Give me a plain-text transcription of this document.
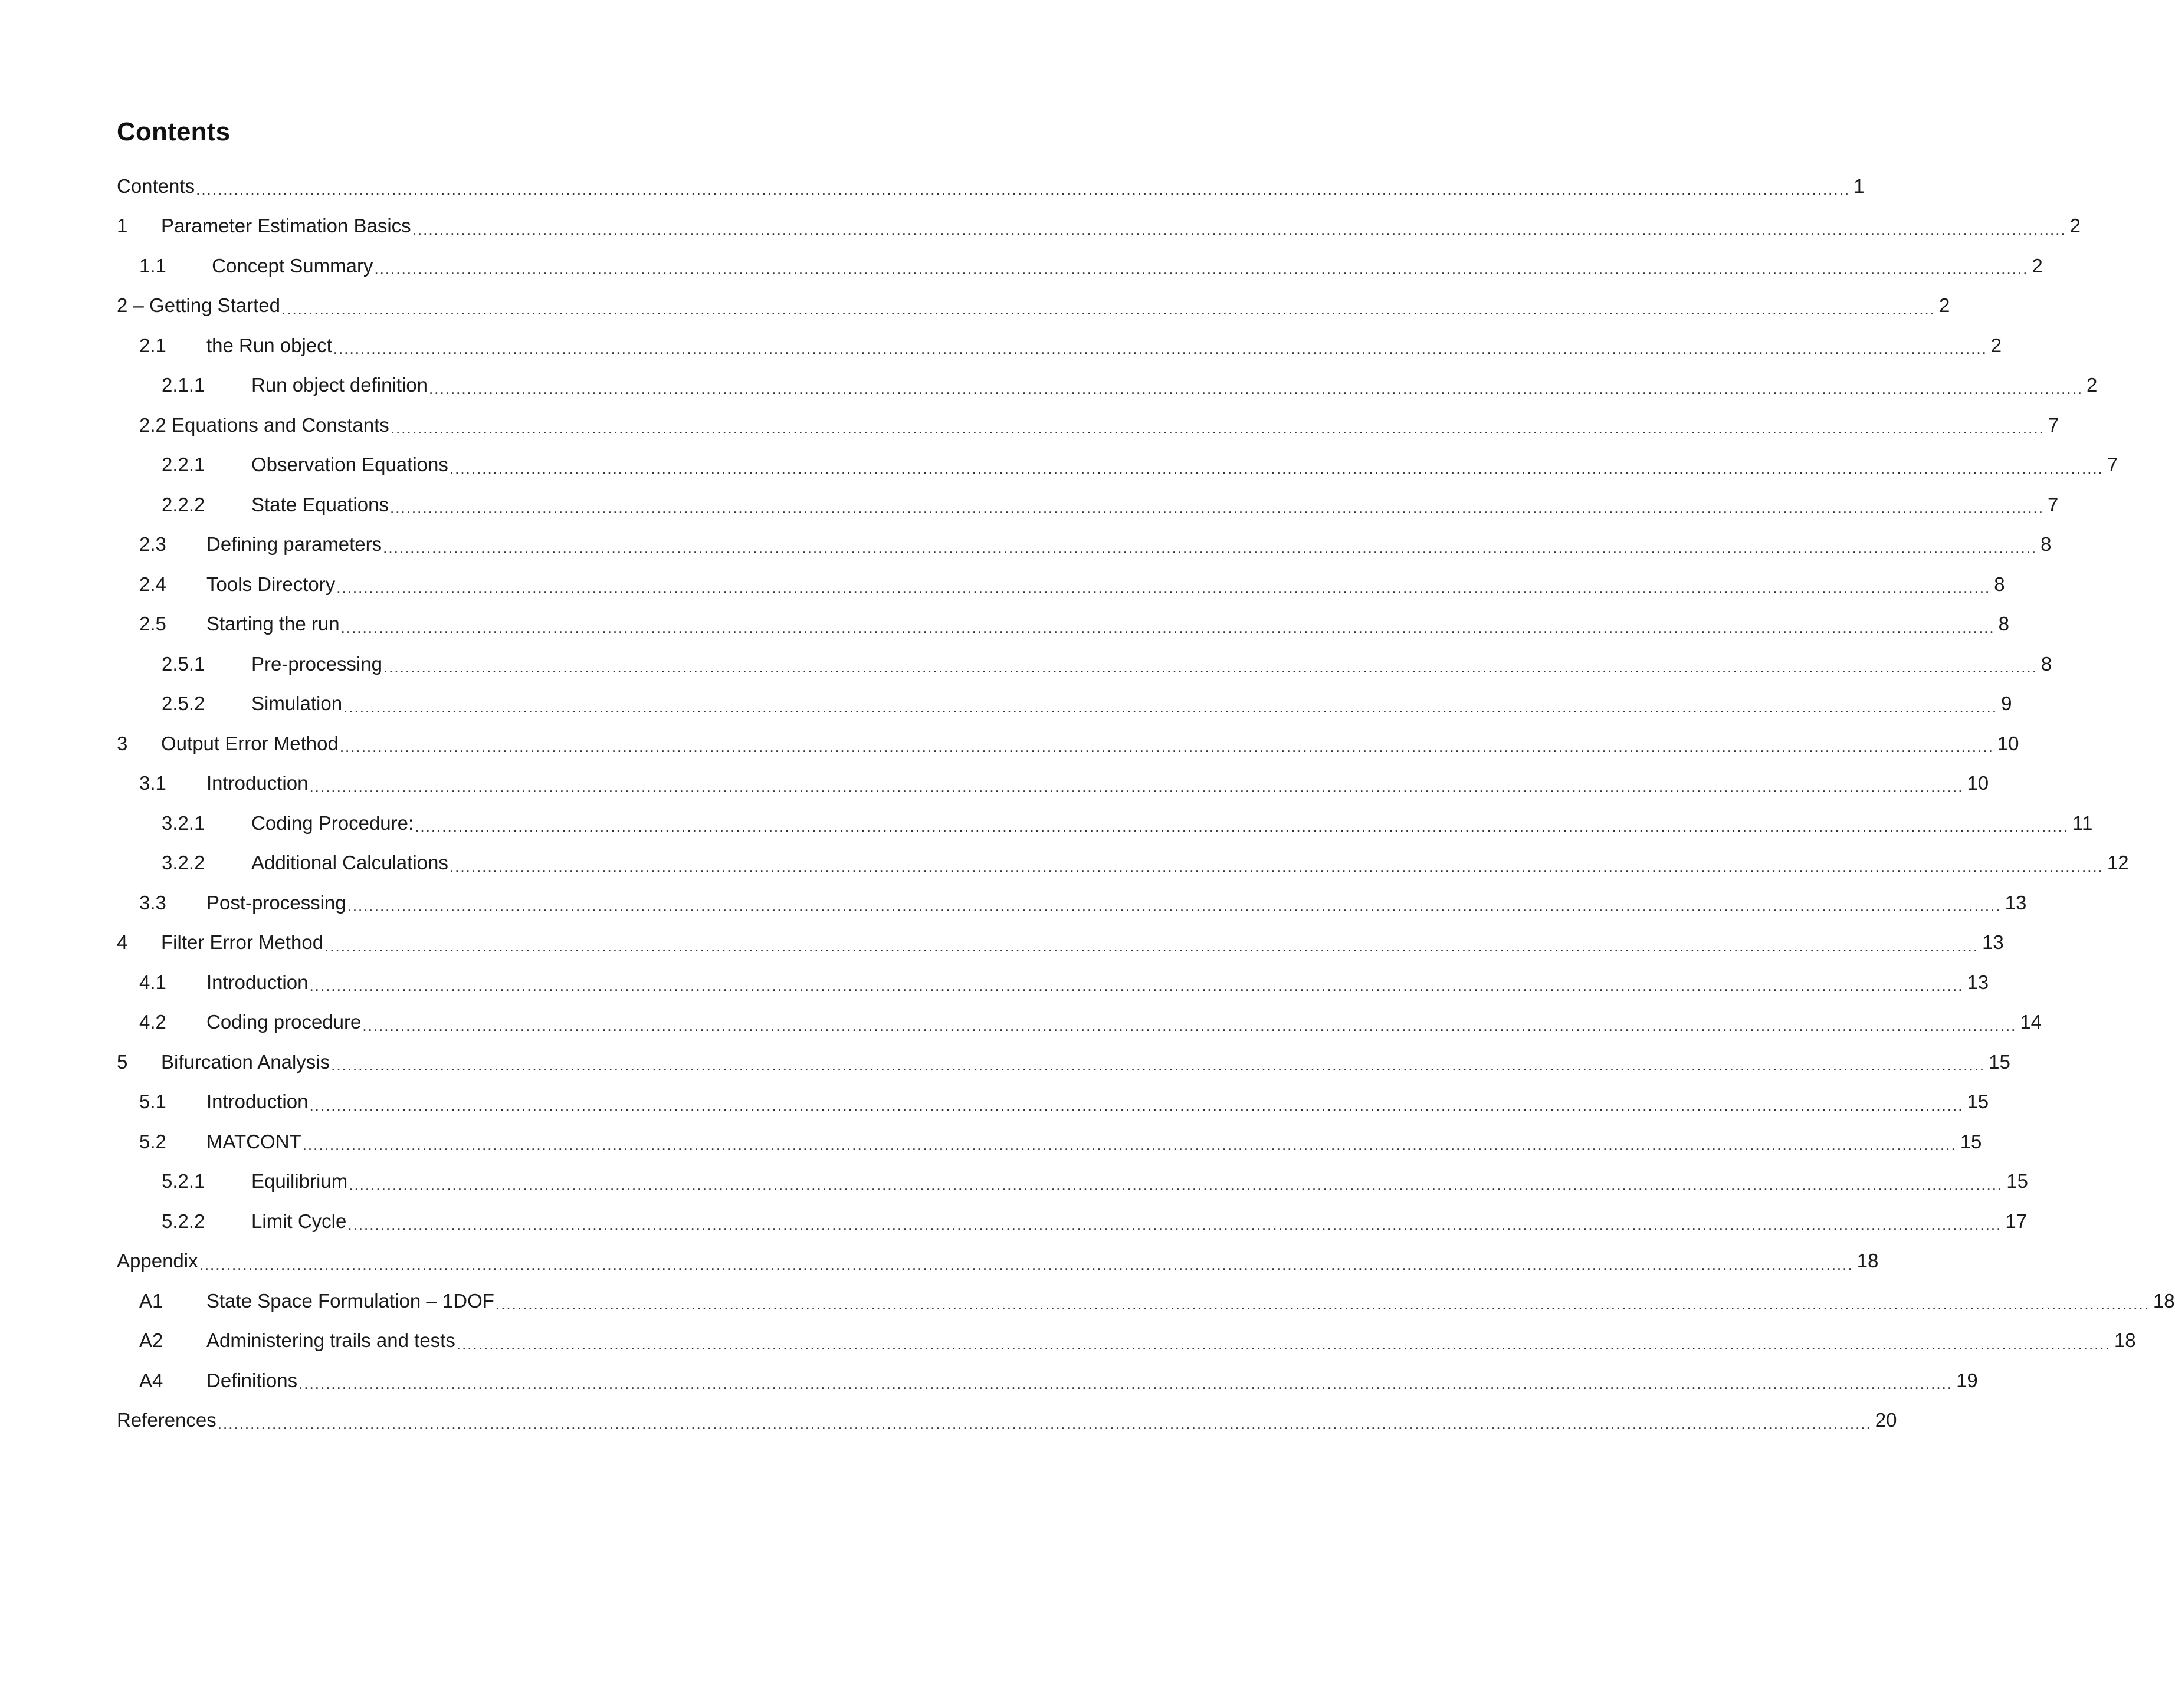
Contents
Contents ................................................................................................................................................................................................................................................................................................................ 1
1	Parameter Estimation Basics ................................................................................................................................................................................................................................................................................................................ 2
1.1	Concept Summary ................................................................................................................................................................................................................................................................................................................ 2
2 – Getting Started ................................................................................................................................................................................................................................................................................................................ 2
2.1	the Run object ................................................................................................................................................................................................................................................................................................................ 2
2.1.1	Run object definition ................................................................................................................................................................................................................................................................................................................ 2
2.2 Equations and Constants ................................................................................................................................................................................................................................................................................................................ 7
2.2.1	Observation Equations ................................................................................................................................................................................................................................................................................................................ 7
2.2.2	State Equations ................................................................................................................................................................................................................................................................................................................ 7
2.3	Defining parameters ................................................................................................................................................................................................................................................................................................................ 8
2.4	Tools Directory ................................................................................................................................................................................................................................................................................................................ 8
2.5	Starting the run ................................................................................................................................................................................................................................................................................................................ 8
2.5.1	Pre-processing ................................................................................................................................................................................................................................................................................................................ 8
2.5.2	Simulation ................................................................................................................................................................................................................................................................................................................ 9
3	Output Error Method ................................................................................................................................................................................................................................................................................................................ 10
3.1	Introduction ................................................................................................................................................................................................................................................................................................................ 10
3.2.1	Coding Procedure: ................................................................................................................................................................................................................................................................................................................ 11
3.2.2	Additional Calculations ................................................................................................................................................................................................................................................................................................................ 12
3.3	Post-processing ................................................................................................................................................................................................................................................................................................................ 13
4	Filter Error Method ................................................................................................................................................................................................................................................................................................................ 13
4.1	Introduction ................................................................................................................................................................................................................................................................................................................ 13
4.2	Coding procedure ................................................................................................................................................................................................................................................................................................................ 14
5	Bifurcation Analysis ................................................................................................................................................................................................................................................................................................................ 15
5.1	Introduction ................................................................................................................................................................................................................................................................................................................ 15
5.2	MATCONT ................................................................................................................................................................................................................................................................................................................ 15
5.2.1	Equilibrium ................................................................................................................................................................................................................................................................................................................ 15
5.2.2	Limit Cycle ................................................................................................................................................................................................................................................................................................................ 17
Appendix ................................................................................................................................................................................................................................................................................................................ 18
A1	State Space Formulation – 1DOF ................................................................................................................................................................................................................................................................................................................ 18
A2	Administering trails and tests ................................................................................................................................................................................................................................................................................................................ 18
A4	Definitions ................................................................................................................................................................................................................................................................................................................ 19
References ................................................................................................................................................................................................................................................................................................................ 20
